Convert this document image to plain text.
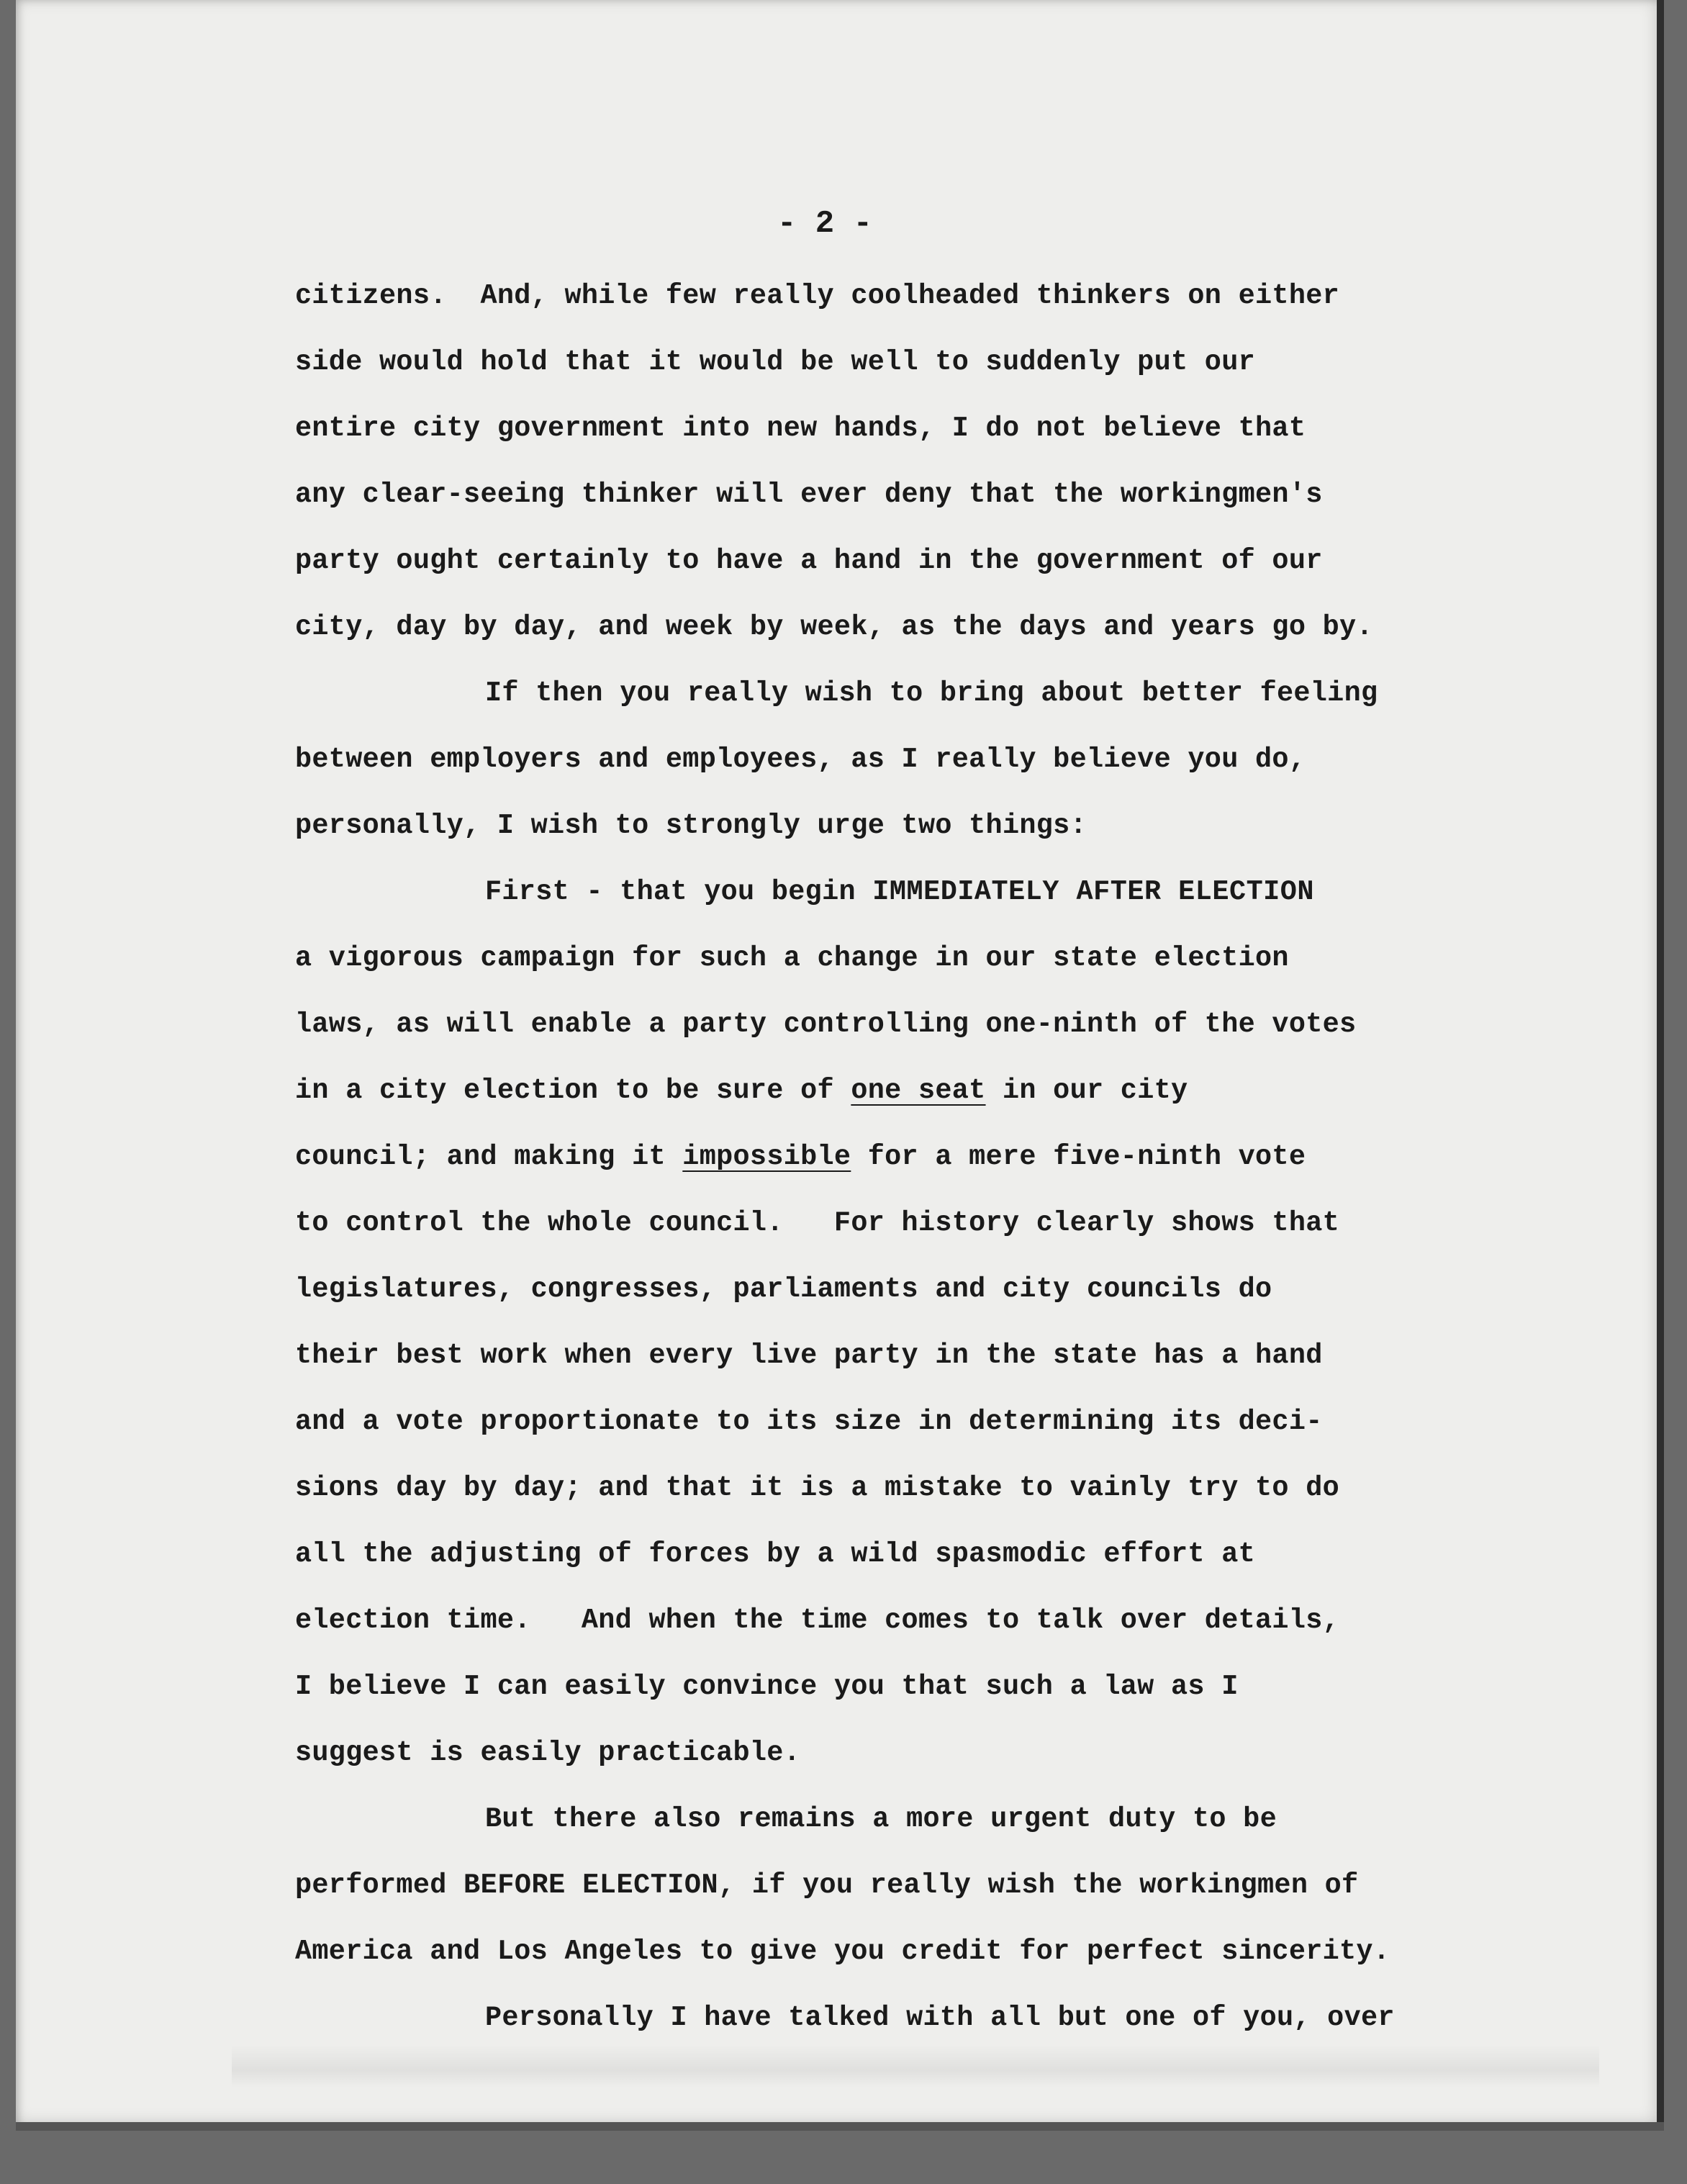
- 2 -
citizens.  And, while few really coolheaded thinkers on either
side would hold that it would be well to suddenly put our
entire city government into new hands, I do not believe that
any clear-seeing thinker will ever deny that the workingmen's
party ought certainly to have a hand in the government of our
city, day by day, and week by week, as the days and years go by.
If then you really wish to bring about better feeling
between employers and employees, as I really believe you do,
personally, I wish to strongly urge two things:
First - that you begin IMMEDIATELY AFTER ELECTION
a vigorous campaign for such a change in our state election
laws, as will enable a party controlling one-ninth of the votes
in a city election to be sure of one seat in our city
council; and making it impossible for a mere five-ninth vote
to control the whole council.   For history clearly shows that
legislatures, congresses, parliaments and city councils do
their best work when every live party in the state has a hand
and a vote proportionate to its size in determining its deci-
sions day by day; and that it is a mistake to vainly try to do
all the adjusting of forces by a wild spasmodic effort at
election time.   And when the time comes to talk over details,
I believe I can easily convince you that such a law as I
suggest is easily practicable.
But there also remains a more urgent duty to be
performed BEFORE ELECTION, if you really wish the workingmen of
America and Los Angeles to give you credit for perfect sincerity.
Personally I have talked with all but one of you, over
